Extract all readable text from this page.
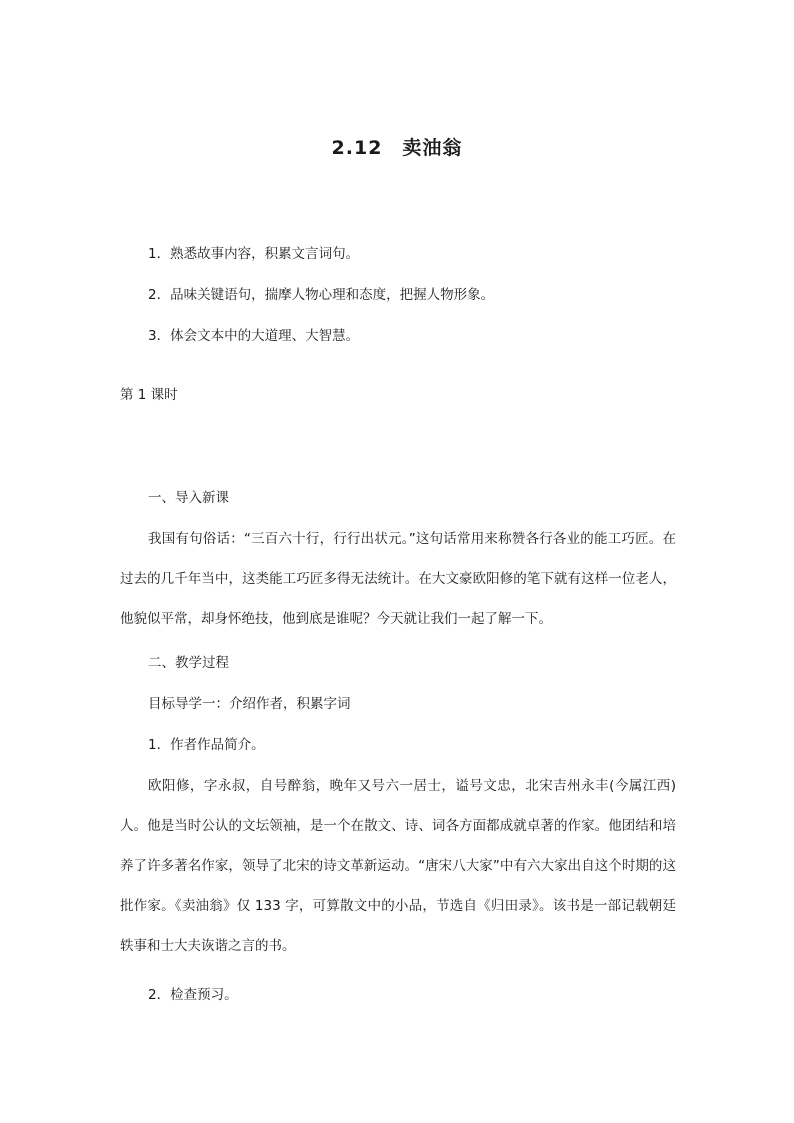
2.12　卖油翁
1．熟悉故事内容，积累文言词句。
2．品味关键语句，揣摩人物心理和态度，把握人物形象。
3．体会文本中的大道理、大智慧。
第 1 课时
一、导入新课
我国有句俗话：“三百六十行，行行出状元。”这句话常用来称赞各行各业的能工巧匠。在过去的几千年当中，这类能工巧匠多得无法统计。在大文豪欧阳修的笔下就有这样一位老人，他貌似平常，却身怀绝技，他到底是谁呢？今天就让我们一起了解一下。
二、教学过程
目标导学一：介绍作者，积累字词
1．作者作品简介。
欧阳修，字永叔，自号醉翁，晚年又号六一居士，谥号文忠，北宋吉州永丰(今属江西)人。他是当时公认的文坛领袖，是一个在散文、诗、词各方面都成就卓著的作家。他团结和培养了许多著名作家，领导了北宋的诗文革新运动。“唐宋八大家”中有六大家出自这个时期的这批作家。《卖油翁》仅 133 字，可算散文中的小品，节选自《归田录》。该书是一部记载朝廷轶事和士大夫诙谐之言的书。
2．检查预习。
